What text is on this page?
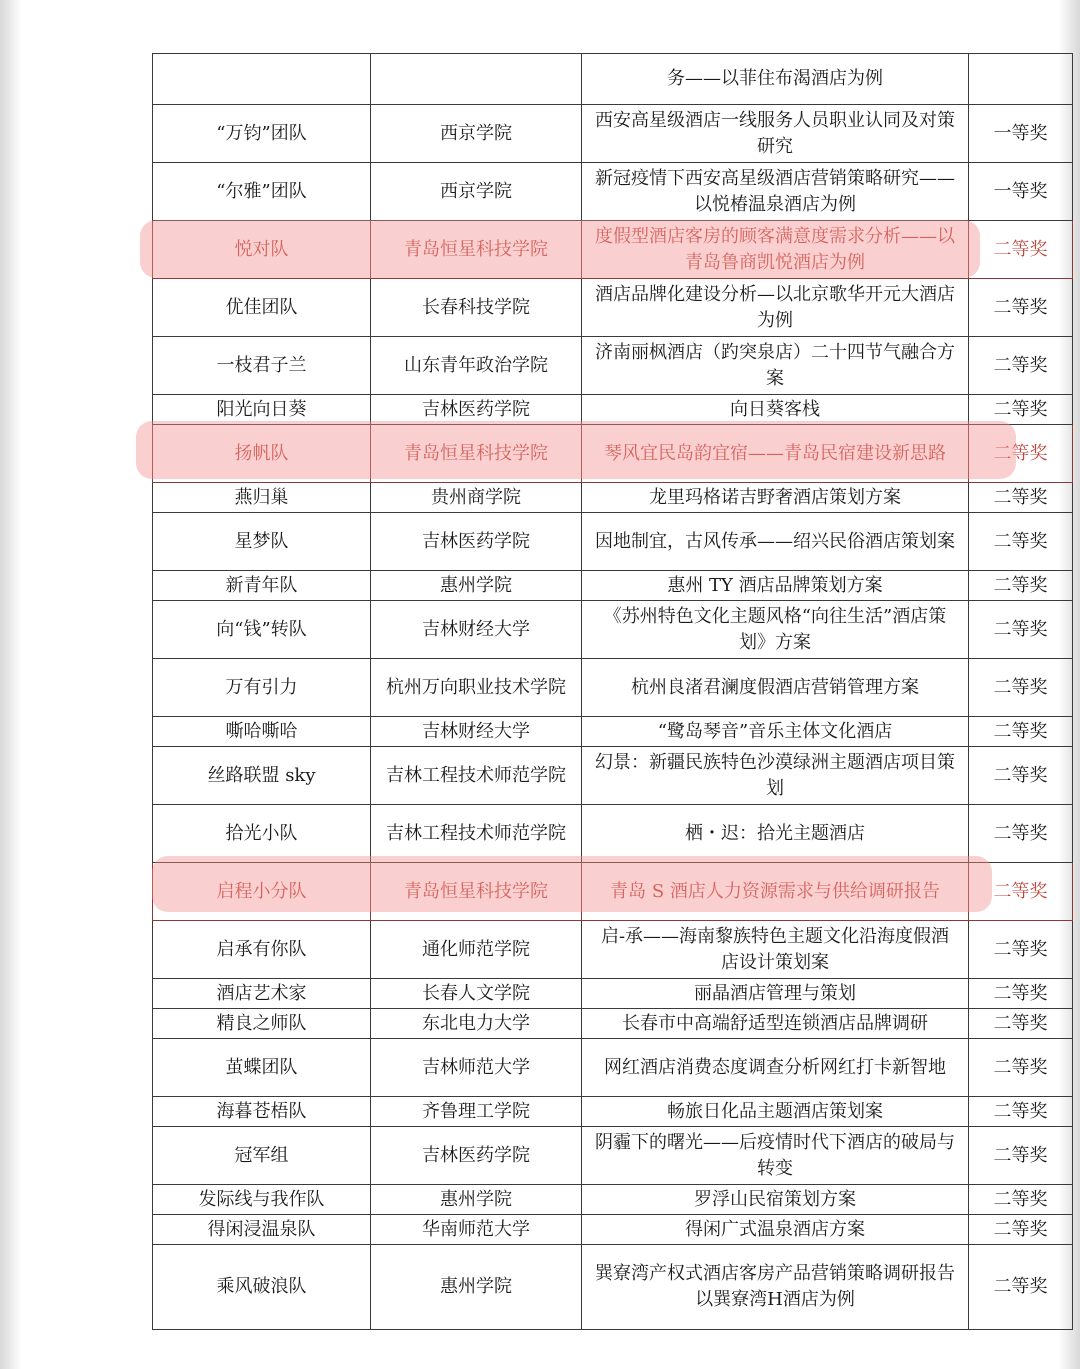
		务——以菲住布渴酒店为例	
“万钧”团队	西京学院	西安高星级酒店一线服务人员职业认同及对策研究	一等奖
“尔雅”团队	西京学院	新冠疫情下西安高星级酒店营销策略研究——以悦椿温泉酒店为例	一等奖
悦对队	青岛恒星科技学院	度假型酒店客房的顾客满意度需求分析——以青岛鲁商凯悦酒店为例	二等奖
优佳团队	长春科技学院	酒店品牌化建设分析—以北京歌华开元大酒店为例	二等奖
一枝君子兰	山东青年政治学院	济南丽枫酒店（趵突泉店）二十四节气融合方案	二等奖
阳光向日葵	吉林医药学院	向日葵客栈	二等奖
扬帆队	青岛恒星科技学院	琴风宜民岛韵宜宿——青岛民宿建设新思路	二等奖
燕归巢	贵州商学院	龙里玛格诺吉野奢酒店策划方案	二等奖
星梦队	吉林医药学院	因地制宜，古风传承——绍兴民俗酒店策划案	二等奖
新青年队	惠州学院	惠州 TY 酒店品牌策划方案	二等奖
向“钱”转队	吉林财经大学	《苏州特色文化主题风格“向往生活”酒店策划》方案	二等奖
万有引力	杭州万向职业技术学院	杭州良渚君澜度假酒店营销管理方案	二等奖
嘶哈嘶哈	吉林财经大学	“鹭岛琴音”音乐主体文化酒店	二等奖
丝路联盟 sky	吉林工程技术师范学院	幻景：新疆民族特色沙漠绿洲主题酒店项目策划	二等奖
拾光小队	吉林工程技术师范学院	栖・迟：拾光主题酒店	二等奖
启程小分队	青岛恒星科技学院	青岛 S 酒店人力资源需求与供给调研报告	二等奖
启承有你队	通化师范学院	启-承——海南黎族特色主题文化沿海度假酒店设计策划案	二等奖
酒店艺术家	长春人文学院	丽晶酒店管理与策划	二等奖
精良之师队	东北电力大学	长春市中高端舒适型连锁酒店品牌调研	二等奖
茧蝶团队	吉林师范大学	网红酒店消费态度调查分析网红打卡新智地	二等奖
海暮苍梧队	齐鲁理工学院	畅旅日化品主题酒店策划案	二等奖
冠军组	吉林医药学院	阴霾下的曙光——后疫情时代下酒店的破局与转变	二等奖
发际线与我作队	惠州学院	罗浮山民宿策划方案	二等奖
得闲浸温泉队	华南师范大学	得闲广式温泉酒店方案	二等奖
乘风破浪队	惠州学院	巽寮湾产权式酒店客房产品营销策略调研报告以巽寮湾H酒店为例	二等奖
